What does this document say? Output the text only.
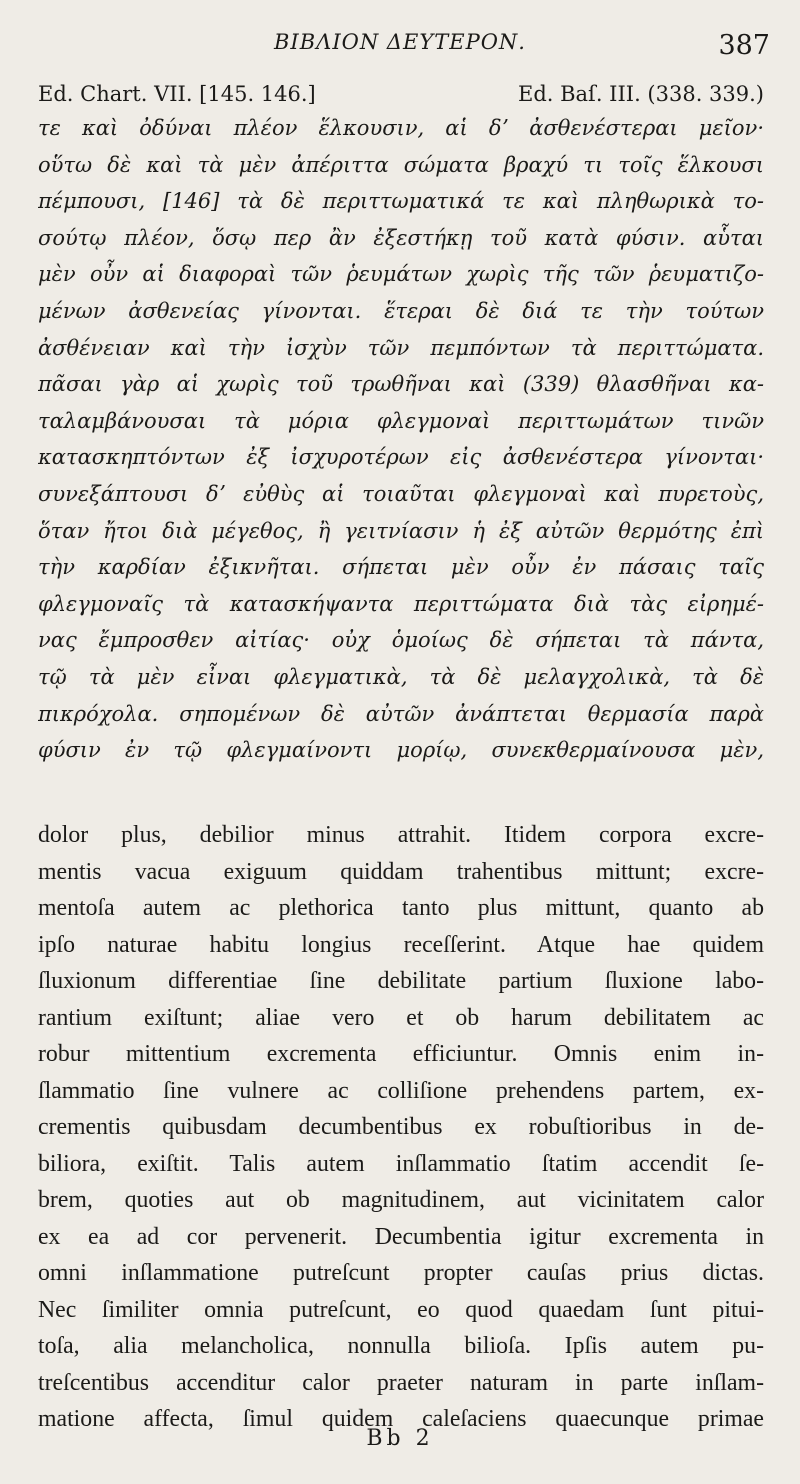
ΒΙΒΛΙΟΝ ΔΕΥΤΕΡΟΝ.	387
Ed. Chart. VII. [145. 146.]	Ed. Baſ. III. (338. 339.)
τε καὶ ὀδύναι πλέον ἕλκουσιν, αἱ δʼ ἀσθενέστεραι μεῖον·
οὕτω δὲ καὶ τὰ μὲν ἀπέριττα σώματα βραχύ τι τοῖς ἕλκουσι
πέμπουσι, [146] τὰ δὲ περιττωματικά τε καὶ πληθωρικὰ το-
σούτῳ πλέον, ὅσῳ περ ἂν ἐξεστήκῃ τοῦ κατὰ φύσιν. αὗται
μὲν οὖν αἱ διαφοραὶ τῶν ῥευμάτων χωρὶς τῆς τῶν ῥευματιζο-
μένων ἀσθενείας γίνονται. ἕτεραι δὲ διά τε τὴν τούτων
ἀσθένειαν καὶ τὴν ἰσχὺν τῶν πεμπόντων τὰ περιττώματα.
πᾶσαι γὰρ αἱ χωρὶς τοῦ τρωθῆναι καὶ (339) θλασθῆναι κα-
ταλαμβάνουσαι τὰ μόρια φλεγμοναὶ περιττωμάτων τινῶν
κατασκηπτόντων ἐξ ἰσχυροτέρων εἰς ἀσθενέστερα γίνονται·
συνεξάπτουσι δʼ εὐθὺς αἱ τοιαῦται φλεγμοναὶ καὶ πυρετοὺς,
ὅταν ἤτοι διὰ μέγεθος, ἢ γειτνίασιν ἡ ἐξ αὐτῶν θερμότης ἐπὶ
τὴν καρδίαν ἐξικνῆται. σήπεται μὲν οὖν ἐν πάσαις ταῖς
φλεγμοναῖς τὰ κατασκήψαντα περιττώματα διὰ τὰς εἰρημέ-
νας ἔμπροσθεν αἰτίας· οὐχ ὁμοίως δὲ σήπεται τὰ πάντα,
τῷ τὰ μὲν εἶναι φλεγματικὰ, τὰ δὲ μελαγχολικὰ, τὰ δὲ
πικρόχολα. σηπομένων δὲ αὐτῶν ἀνάπτεται θερμασία παρὰ
φύσιν ἐν τῷ φλεγμαίνοντι μορίῳ, συνεκθερμαίνουσα μὲν,
dolor plus, debilior minus attrahit. Itidem corpora excre-
mentis vacua exiguum quiddam trahentibus mittunt; excre-
mentoſa autem ac plethorica tanto plus mittunt, quanto ab
ipſo naturae habitu longius receſſerint. Atque hae quidem
ſluxionum differentiae ſine debilitate partium ſluxione labo-
rantium exiſtunt; aliae vero et ob harum debilitatem ac
robur mittentium excrementa efficiuntur. Omnis enim in-
ſlammatio ſine vulnere ac colliſione prehendens partem, ex-
crementis quibusdam decumbentibus ex robuſtioribus in de-
biliora, exiſtit. Talis autem inſlammatio ſtatim accendit ſe-
brem, quoties aut ob magnitudinem, aut vicinitatem calor
ex ea ad cor pervenerit. Decumbentia igitur excrementa in
omni inſlammatione putreſcunt propter cauſas prius dictas.
Nec ſimiliter omnia putreſcunt, eo quod quaedam ſunt pitui-
toſa, alia melancholica, nonnulla bilioſa. Ipſis autem pu-
treſcentibus accenditur calor praeter naturam in parte inſlam-
matione affecta, ſimul quidem caleſaciens quaecunque primae
Bb 2
